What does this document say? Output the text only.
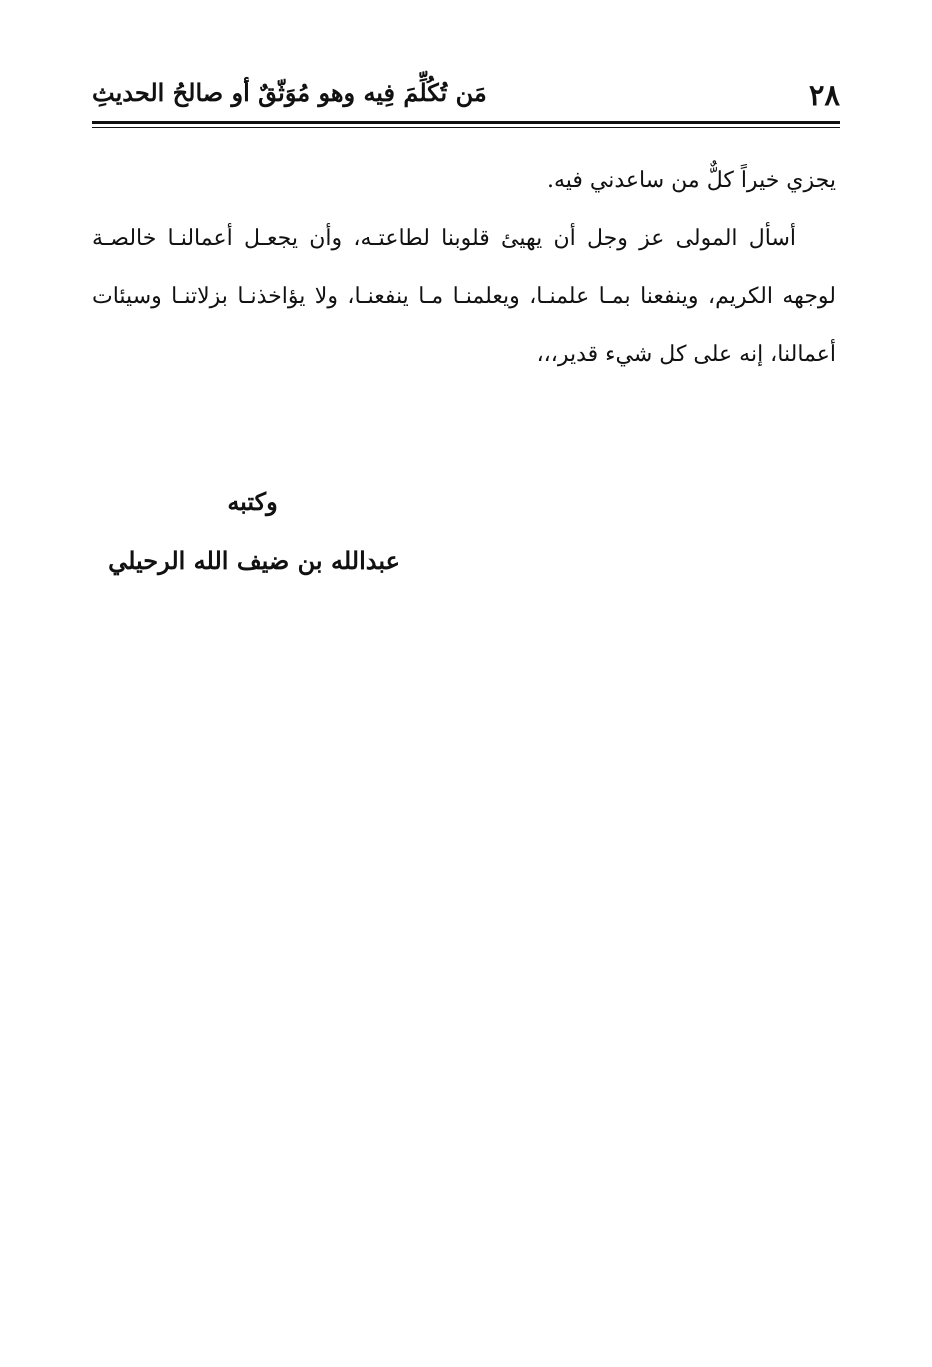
٢٨
مَن تُكُلِّمَ فِيه وهو مُوَثّقٌ أو صالحُ الحديثِ

يجزي خيراً كلٌّ من ساعدني فيه.

أسأل المولى عز وجل أن يهيئ قلوبنا لطاعتـه، وأن يجعـل أعمالنـا خالصـة لوجهه الكريم، وينفعنا بمـا علمنـا، ويعلمنـا مـا ينفعنـا، ولا يؤاخذنـا بزلاتنـا وسيئات أعمالنا، إنه على كل شيء قدير،،،

وكتبه
عبدالله بن ضيف الله الرحيلي
